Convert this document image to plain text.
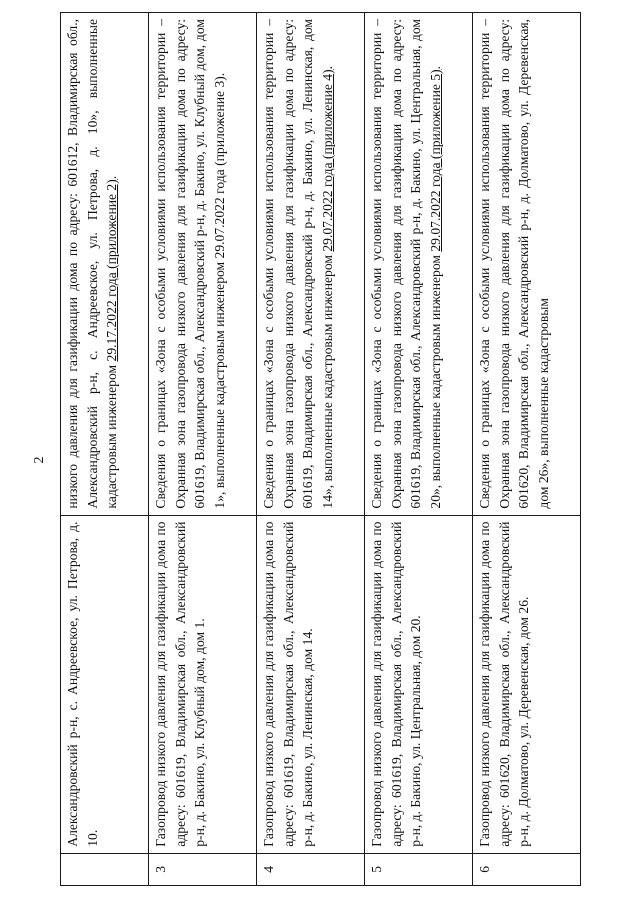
2
	Александровский р-н, с. Андреевское, ул. Петрова, д. 10.	низкого давления для газификации дома по адресу: 601612, Владимирская обл., Александровский р-н, с. Андреевское, ул. Петрова, д. 10», выполненные кадастровым инженером 29.17.2022 года (приложение 2).
3	Газопровод низкого давления для газификации дома по адресу: 601619, Владимирская обл., Александровский р-н, д. Бакино, ул. Клубный дом, дом 1.	Сведения о границах «Зона с особыми условиями использования территории – Охранная зона газопровода низкого давления для газификации дома по адресу: 601619, Владимирская обл., Александровский р-н, д. Бакино, ул. Клубный дом, дом 1», выполненные кадастровым инженером 29.07.2022 года (приложение 3).
4	Газопровод низкого давления для газификации дома по адресу: 601619, Владимирская обл., Александровский р-н, д. Бакино, ул. Ленинская, дом 14.	Сведения о границах «Зона с особыми условиями использования территории – Охранная зона газопровода низкого давления для газификации дома по адресу: 601619, Владимирская обл., Александровский р-н, д. Бакино, ул. Ленинская, дом 14», выполненные кадастровым инженером 29.07.2022 года (приложение 4).
5	Газопровод низкого давления для газификации дома по адресу: 601619, Владимирская обл., Александровский р-н, д. Бакино, ул. Центральная, дом 20.	Сведения о границах «Зона с особыми условиями использования территории – Охранная зона газопровода низкого давления для газификации дома по адресу: 601619, Владимирская обл., Александровский р-н, д. Бакино, ул. Центральная, дом 20», выполненные кадастровым инженером 29.07.2022 года (приложение 5).
6	Газопровод низкого давления для газификации дома по адресу: 601620, Владимирская обл., Александровский р-н, д. Долматово, ул. Деревенская, дом 26.	Сведения о границах «Зона с особыми условиями использования территории – Охранная зона газопровода низкого давления для газификации дома по адресу: 601620, Владимирская обл., Александровский р-н, д. Долматово, ул. Деревенская, дом 26», выполненные кадастровым
